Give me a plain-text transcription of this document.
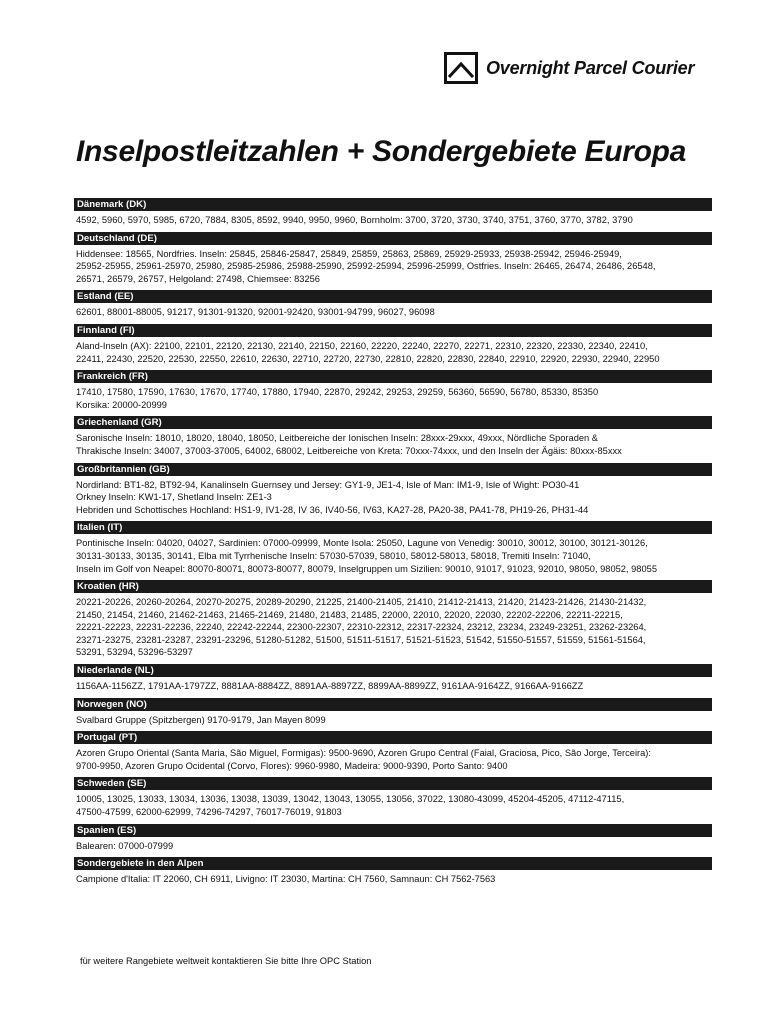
Overnight Parcel Courier
Inselpostleitzahlen + Sondergebiete Europa
Dänemark (DK)
4592, 5960, 5970, 5985, 6720, 7884, 8305, 8592, 9940, 9950, 9960, Bornholm: 3700, 3720, 3730, 3740, 3751, 3760, 3770, 3782, 3790
Deutschland (DE)
Hiddensee: 18565, Nordfries. Inseln: 25845, 25846-25847, 25849, 25859, 25863, 25869, 25929-25933, 25938-25942, 25946-25949,
25952-25955, 25961-25970, 25980, 25985-25986, 25988-25990, 25992-25994, 25996-25999, Ostfries. Inseln: 26465, 26474, 26486, 26548,
26571, 26579, 26757, Helgoland: 27498, Chiemsee: 83256
Estland (EE)
62601, 88001-88005, 91217, 91301-91320, 92001-92420, 93001-94799, 96027, 96098
Finnland (FI)
Aland-Inseln (AX): 22100, 22101, 22120, 22130, 22140, 22150, 22160, 22220, 22240, 22270, 22271, 22310, 22320, 22330, 22340, 22410,
22411, 22430, 22520, 22530, 22550, 22610, 22630, 22710, 22720, 22730, 22810, 22820, 22830, 22840, 22910, 22920, 22930, 22940, 22950
Frankreich (FR)
17410, 17580, 17590, 17630, 17670, 17740, 17880, 17940, 22870, 29242, 29253, 29259, 56360, 56590, 56780, 85330, 85350
Korsika: 20000-20999
Griechenland (GR)
Saronische Inseln: 18010, 18020, 18040, 18050, Leitbereiche der Ionischen Inseln: 28xxx-29xxx, 49xxx, Nördliche Sporaden &
Thrakische Inseln: 34007, 37003-37005, 64002, 68002, Leitbereiche von Kreta: 70xxx-74xxx, und den Inseln der Ägäis: 80xxx-85xxx
Großbritannien (GB)
Nordirland: BT1-82, BT92-94, Kanalinseln Guernsey und Jersey: GY1-9, JE1-4, Isle of Man: IM1-9, Isle of Wight: PO30-41
Orkney Inseln: KW1-17, Shetland Inseln: ZE1-3
Hebriden und Schottisches Hochland: HS1-9, IV1-28, IV 36, IV40-56, IV63, KA27-28, PA20-38, PA41-78, PH19-26, PH31-44
Italien (IT)
Pontinische Inseln: 04020, 04027, Sardinien: 07000-09999, Monte Isola: 25050, Lagune von Venedig: 30010, 30012, 30100, 30121-30126,
30131-30133, 30135, 30141, Elba mit Tyrrhenische Inseln: 57030-57039, 58010, 58012-58013, 58018, Tremiti Inseln: 71040,
Inseln im Golf von Neapel: 80070-80071, 80073-80077, 80079, Inselgruppen um Sizilien: 90010, 91017, 91023, 92010, 98050, 98052, 98055
Kroatien (HR)
20221-20226, 20260-20264, 20270-20275, 20289-20290, 21225, 21400-21405, 21410, 21412-21413, 21420, 21423-21426, 21430-21432,
21450, 21454, 21460, 21462-21463, 21465-21469, 21480, 21483, 21485, 22000, 22010, 22020, 22030, 22202-22206, 22211-22215,
22221-22223, 22231-22236, 22240, 22242-22244, 22300-22307, 22310-22312, 22317-22324, 23212, 23234, 23249-23251, 23262-23264,
23271-23275, 23281-23287, 23291-23296, 51280-51282, 51500, 51511-51517, 51521-51523, 51542, 51550-51557, 51559, 51561-51564,
53291, 53294, 53296-53297
Niederlande (NL)
1156AA-1156ZZ, 1791AA-1797ZZ, 8881AA-8884ZZ, 8891AA-8897ZZ, 8899AA-8899ZZ, 9161AA-9164ZZ, 9166AA-9166ZZ
Norwegen (NO)
Svalbard Gruppe (Spitzbergen) 9170-9179, Jan Mayen 8099
Portugal (PT)
Azoren Grupo Oriental (Santa Maria, São Miguel, Formigas): 9500-9690, Azoren Grupo Central (Faial, Graciosa, Pico, São Jorge, Terceira):
9700-9950, Azoren Grupo Ocidental (Corvo, Flores): 9960-9980, Madeira: 9000-9390, Porto Santo: 9400
Schweden (SE)
10005, 13025, 13033, 13034, 13036, 13038, 13039, 13042, 13043, 13055, 13056, 37022, 13080-43099, 45204-45205, 47112-47115,
47500-47599, 62000-62999, 74296-74297, 76017-76019, 91803
Spanien (ES)
Balearen: 07000-07999
Sondergebiete in den Alpen
Campione d'Italia: IT 22060, CH 6911, Livigno: IT 23030, Martina: CH 7560, Samnaun: CH 7562-7563
für weitere Rangebiete weltweit kontaktieren Sie bitte Ihre OPC Station
